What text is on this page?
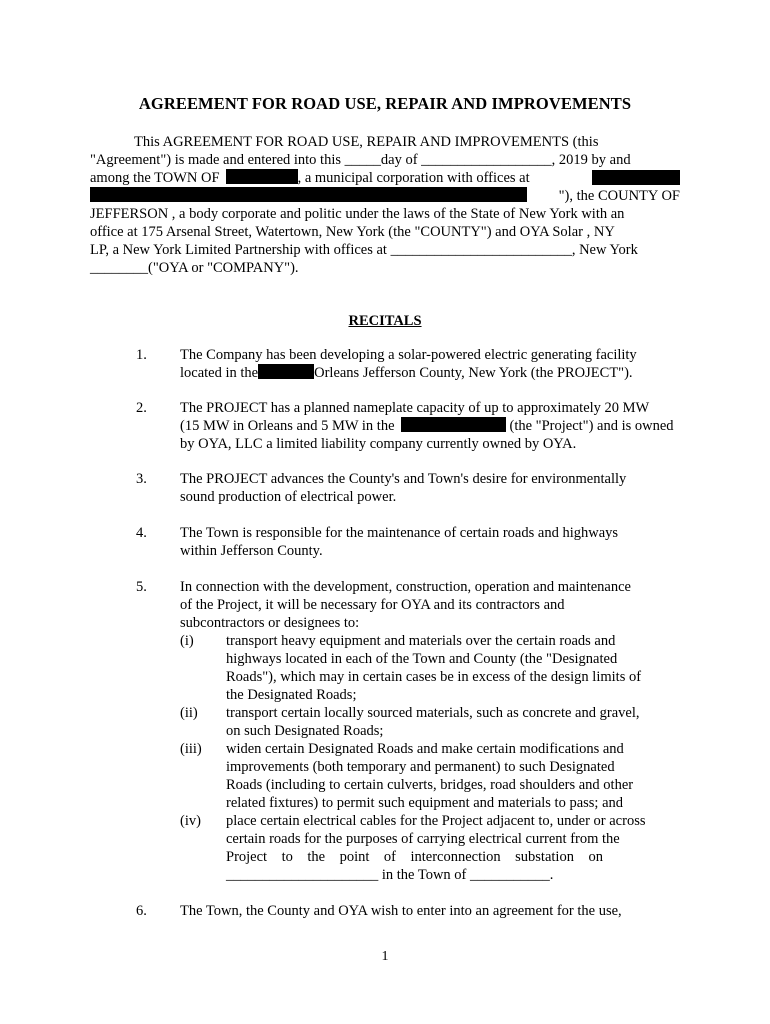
AGREEMENT FOR ROAD USE, REPAIR AND IMPROVEMENTS

This AGREEMENT FOR ROAD USE, REPAIR AND IMPROVEMENTS (this

"Agreement") is made and entered into this _____day of __________________, 2019 by and
among the TOWN OF	, a municipal corporation with offices at
"), the COUNTY OF
JEFFERSON , a body corporate and politic under the laws of the State of New York with an
office at 175 Arsenal Street, Watertown, New York (the "COUNTY") and OYA Solar , NY
LP, a New York Limited Partnership with offices at _________________________, New York
________("OYA or "COMPANY").
RECITALS
1. The Company has been developing a solar-powered electric generating facility
located in the	Orleans Jefferson County, New York (the PROJECT").
2. The PROJECT has a planned nameplate capacity of up to approximately 20 MW
(15 MW in Orleans and 5 MW in the	(the "Project") and is owned
by OYA, LLC a limited liability company currently owned by OYA.
3. The PROJECT advances the County's and Town's desire for environmentally
sound production of electrical power.
4. The Town is responsible for the maintenance of certain roads and highways
within Jefferson County.
5. In connection with the development, construction, operation and maintenance
of the Project, it will be necessary for OYA and its contractors and
subcontractors or designees to:
(i) transport heavy equipment and materials over the certain roads and
highways located in each of the Town and County (the "Designated
Roads"), which may in certain cases be in excess of the design limits of
the Designated Roads;
(ii) transport certain locally sourced materials, such as concrete and gravel,
on such Designated Roads;
(iii) widen certain Designated Roads and make certain modifications and
improvements (both temporary and permanent) to such Designated
Roads (including to certain culverts, bridges, road shoulders and other
related fixtures) to permit such equipment and materials to pass; and
(iv) place certain electrical cables for the Project adjacent to, under or across
certain roads for the purposes of carrying electrical current from the
Project    to    the    point    of    interconnection    substation    on
_____________________ in the Town of ___________.
6. The Town, the County and OYA wish to enter into an agreement for the use,
1
